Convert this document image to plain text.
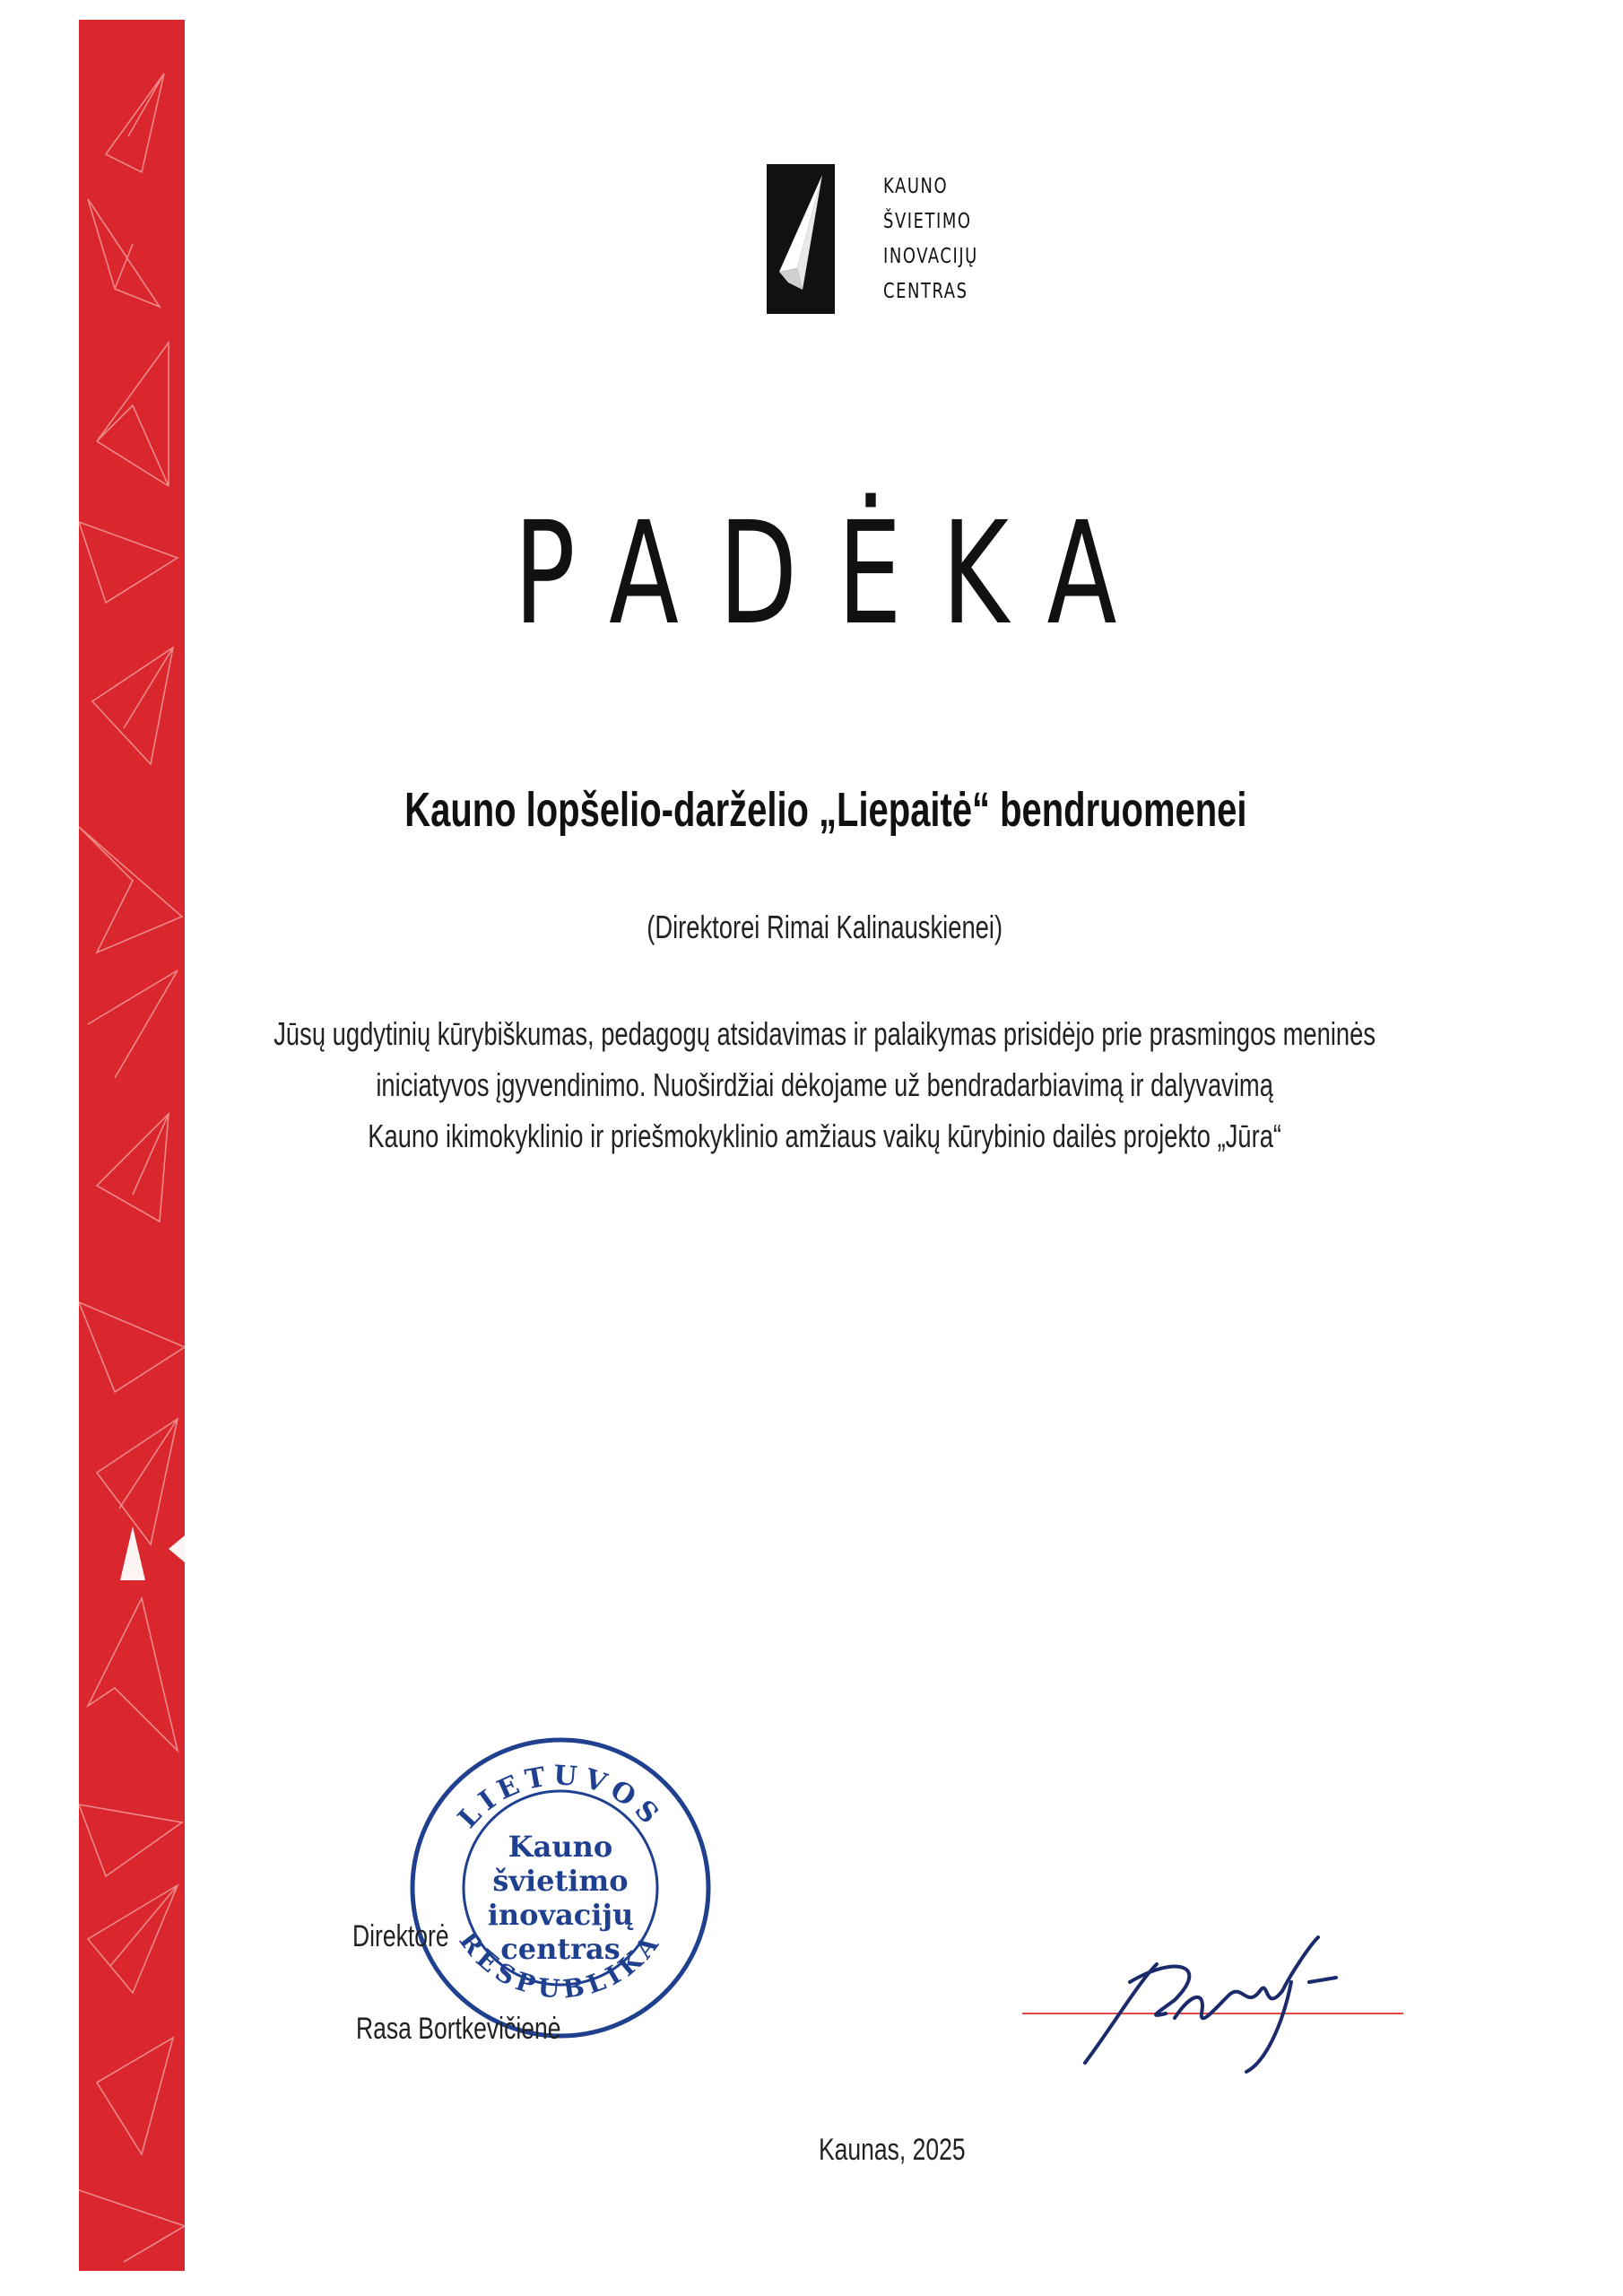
KAUNO
ŠVIETIMO
INOVACIJŲ
CENTRAS
PADĖKA
Kauno lopšelio-darželio „Liepaitė“ bendruomenei
(Direktorei Rimai Kalinauskienei)
Jūsų ugdytinių kūrybiškumas, pedagogų atsidavimas ir palaikymas prisidėjo prie prasmingos meninės
iniciatyvos įgyvendinimo. Nuoširdžiai dėkojame už bendradarbiavimą ir dalyvavimą
Kauno ikimokyklinio ir priešmokyklinio amžiaus vaikų kūrybinio dailės projekto „Jūra“
LIETUVOS
RESPUBLIKA
Kauno
švietimo
inovacijų
centras
Direktorė
Rasa Bortkevičienė
Kaunas, 2025
